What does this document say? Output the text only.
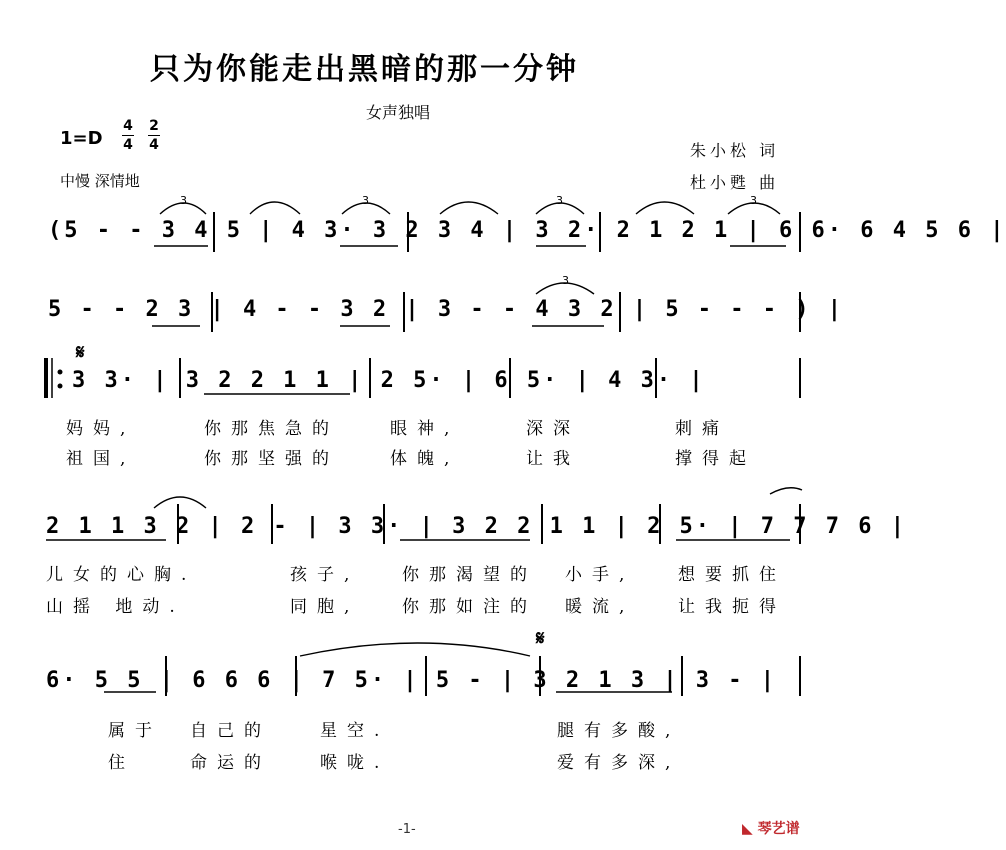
只为你能走出黑暗的那一分钟
女声独唱
1=D
4
4
2
4
中慢 深情地
朱小松 词
杜小甦 曲
(5 - - 3 4 5 | 4 3· 3 2 3 4 | 3 2· 2 1 2 1 | 6 6· 6 4 5 6 |
5 - - 2 3 | 4 - - 3 2 | 3 - - 4 3 2 | 5 - - - ) |
𝄋
3 3· | 3 2 2 1 1 | 2 5· | 6 5· | 4 3· |
妈妈,	你那焦急的	眼神,	深深	刺痛
祖国,	你那坚强的	体魄,	让我	撑得起
2 1 1 3 2 | 2 - | 3 3· | 3 2 2 1 1 | 2 5· | 7 7 7 6 |
儿女的心胸.	孩子,	你那渴望的 小手,	想要抓住
山摇 地动.	同胞,	你那如注的 暖流,	让我扼得
𝄋
6· 5 5 | 6 6 6 | 7 5· | 5 - | 3 2 1 3 | 3 - |
属于 自己的	星空.	腿有多酸,
住	命运的	喉咙.	爱有多深,
-1-	◣ 琴艺谱
3	3	3	3
3
